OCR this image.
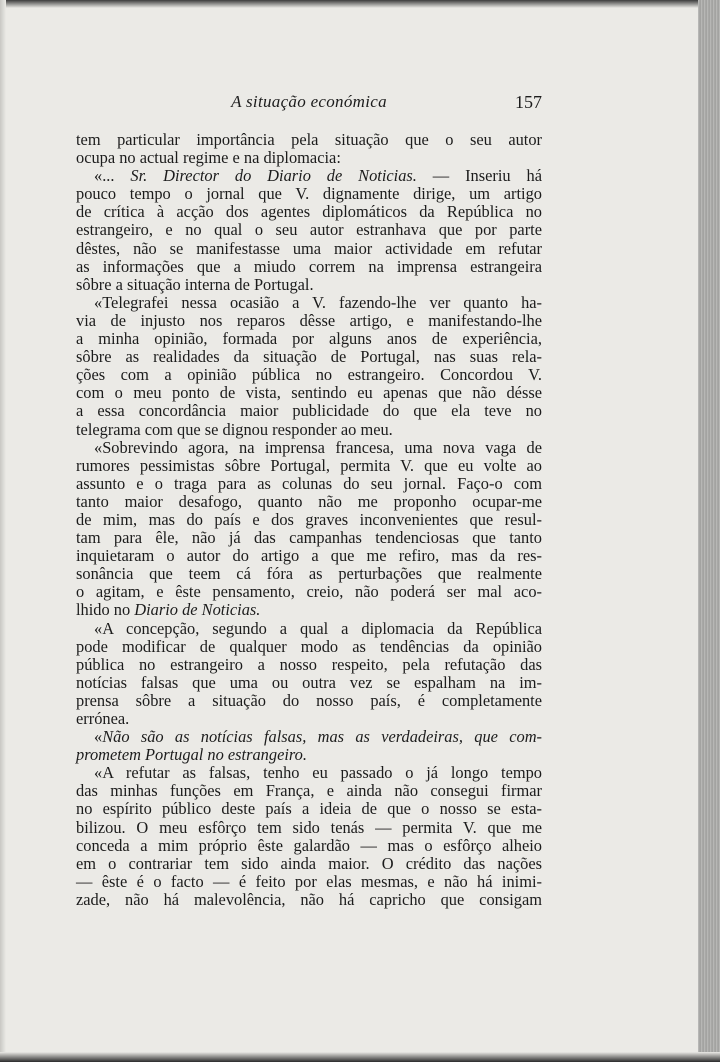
A situação económica	157
tem particular importância pela situação que o seu autor
ocupa no actual regime e na diplomacia:
«... Sr. Director do Diario de Noticias. — Inseriu há
pouco tempo o jornal que V. dignamente dirige, um artigo
de crítica à acção dos agentes diplomáticos da República no
estrangeiro, e no qual o seu autor estranhava que por parte
dêstes, não se manifestasse uma maior actividade em refutar
as informações que a miudo correm na imprensa estrangeira
sôbre a situação interna de Portugal.
«Telegrafei nessa ocasião a V. fazendo-lhe ver quanto ha-
via de injusto nos reparos dêsse artigo, e manifestando-lhe
a minha opinião, formada por alguns anos de experiência,
sôbre as realidades da situação de Portugal, nas suas rela-
ções com a opinião pública no estrangeiro. Concordou V.
com o meu ponto de vista, sentindo eu apenas que não désse
a essa concordância maior publicidade do que ela teve no
telegrama com que se dignou responder ao meu.
«Sobrevindo agora, na imprensa francesa, uma nova vaga de
rumores pessimistas sôbre Portugal, permita V. que eu volte ao
assunto e o traga para as colunas do seu jornal. Faço-o com
tanto maior desafogo, quanto não me proponho ocupar-me
de mim, mas do país e dos graves inconvenientes que resul-
tam para êle, não já das campanhas tendenciosas que tanto
inquietaram o autor do artigo a que me refiro, mas da res-
sonância que teem cá fóra as perturbações que realmente
o agitam, e êste pensamento, creio, não poderá ser mal aco-
lhido no Diario de Noticias.
«A concepção, segundo a qual a diplomacia da República
pode modificar de qualquer modo as tendências da opinião
pública no estrangeiro a nosso respeito, pela refutação das
notícias falsas que uma ou outra vez se espalham na im-
prensa sôbre a situação do nosso país, é completamente
errónea.
«Não são as notícias falsas, mas as verdadeiras, que com-
prometem Portugal no estrangeiro.
«A refutar as falsas, tenho eu passado o já longo tempo
das minhas funções em França, e ainda não consegui firmar
no espírito público deste país a ideia de que o nosso se esta-
bilizou. O meu esfôrço tem sido tenás — permita V. que me
conceda a mim próprio êste galardão — mas o esfôrço alheio
em o contrariar tem sido ainda maior. O crédito das nações
— êste é o facto — é feito por elas mesmas, e não há inimi-
zade, não há malevolência, não há capricho que consigam
